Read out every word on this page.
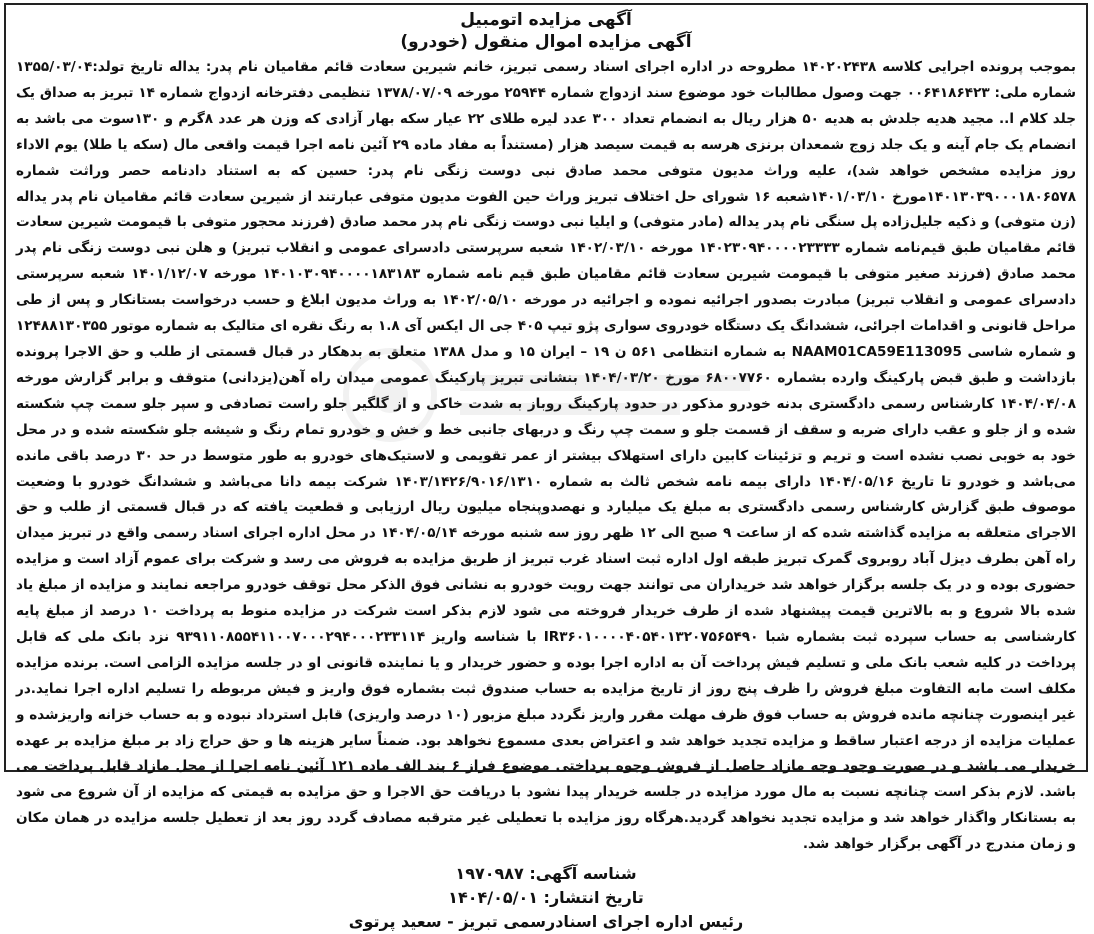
آگهی مزایده اتومبیل
آگهی مزایده اموال منقول (خودرو)
بموجب پرونده اجرایی کلاسه ۱۴۰۲۰۲۴۳۸ مطروحه در اداره اجرای اسناد رسمی تبریز، خانم شیرین سعادت قائم مقامیان نام پدر: یداله تاریخ تولد:۱۳۵۵/۰۳/۰۴ شماره ملی: ۰۰۶۴۱۸۶۴۲۳ جهت وصول مطالبات خود موضوع سند ازدواج شماره ۲۵۹۴۴ مورخه ۱۳۷۸/۰۷/۰۹ تنظیمی دفترخانه ازدواج شماره ۱۴ تبریز به صداق یک جلد کلام ا.. مجید هدیه جلدش به هدیه ۵۰ هزار ریال به انضمام تعداد ۳۰۰ عدد لیره طلای ۲۲ عیار سکه بهار آزادی که وزن هر عدد ۸گرم و ۱۳۰سوت می باشد به انضمام یک جام آینه و یک جلد زوج شمعدان برنزی هرسه به قیمت سیصد هزار (مستنداً به مفاد ماده ۲۹ آئین نامه اجرا قیمت واقعی مال (سکه یا طلا) یوم الاداء روز مزایده مشخص خواهد شد)، علیه وراث مدیون متوفی محمد صادق نبی دوست زنگی نام پدر: حسین که به استناد دادنامه حصر وراثت شماره ۱۴۰۱۳۰۳۹۰۰۰۱۸۰۶۵۷۸مورخ ۱۴۰۱/۰۳/۱۰شعبه ۱۶ شورای حل اختلاف تبریز وراث حین الفوت مدیون متوفی عبارتند از شیرین سعادت قائم مقامیان نام پدر یداله (زن متوفی) و ذکیه جلیل‌زاده پل سنگی نام پدر یداله (مادر متوفی) و ایلیا نبی دوست زنگی نام پدر محمد صادق (فرزند محجور متوفی با قیمومت شیرین سعادت قائم مقامیان طبق قیم‌نامه شماره ۱۴۰۲۳۰۹۴۰۰۰۰۲۳۳۳۳ مورخه ۱۴۰۲/۰۳/۱۰ شعبه سرپرستی دادسرای عمومی و انقلاب تبریز) و هلن نبی دوست زنگی نام پدر محمد صادق (فرزند صغیر متوفی با قیمومت شیرین سعادت قائم مقامیان طبق قیم نامه شماره ۱۴۰۱۰۳۰۹۴۰۰۰۰۱۸۳۱۸۳ مورخه ۱۴۰۱/۱۲/۰۷ شعبه سرپرستی دادسرای عمومی و انقلاب تبریز) مبادرت بصدور اجرائیه نموده و اجرائیه در مورخه ۱۴۰۲/۰۵/۱۰ به وراث مدیون ابلاغ و حسب درخواست بستانکار و پس از طی مراحل قانونی و اقدامات اجرائی، ششدانگ یک دستگاه خودروی سواری پژو تیپ ۴۰۵ جی ال ایکس آی ۱.۸ به رنگ نقره ای متالیک به شماره موتور ۱۲۴۸۸۱۳۰۳۵۵ و شماره شاسی NAAM01CA59E113095 به شماره انتظامی ۵۶۱ ن ۱۹ – ایران ۱۵ و مدل ۱۳۸۸ متعلق به بدهکار در قبال قسمتی از طلب و حق الاجرا پرونده بازداشت و طبق قبض پارکینگ وارده بشماره ۶۸۰۰۷۷۶۰ مورخ ۱۴۰۴/۰۳/۲۰ بنشانی تبریز پارکینگ عمومی میدان راه آهن(یزدانی) متوقف و برابر گزارش مورخه ۱۴۰۴/۰۴/۰۸ کارشناس رسمی دادگستری بدنه خودرو مذکور در حدود پارکینگ روباز به شدت خاکی و از گلگیر جلو راست تصادفی و سپر جلو سمت چپ شکسته شده و از جلو و عقب دارای ضربه و سقف از قسمت جلو و سمت چپ رنگ و دربهای جانبی خط و خش و خودرو تمام رنگ و شیشه جلو شکسته شده و در محل خود به خوبی نصب نشده است و تریم و تزئینات کابین دارای استهلاک بیشتر از عمر تقویمی و لاستیک‌های خودرو به طور متوسط در حد ۳۰ درصد باقی مانده می‌باشد و خودرو تا تاریخ ۱۴۰۴/۰۵/۱۶ دارای بیمه نامه شخص ثالث به شماره ۱۴۰۳/۱۴۲۶/۹۰۱۶/۱۳۱۰ شرکت بیمه دانا می‌باشد و ششدانگ خودرو با وضعیت موصوف طبق گزارش کارشناس رسمی دادگستری به مبلغ یک میلیارد و نهصدوپنجاه میلیون ریال ارزیابی و قطعیت یافته که در قبال قسمتی از طلب و حق الاجرای متعلقه به مزایده گذاشته شده که از ساعت ۹ صبح الی ۱۲ ظهر روز سه شنبه مورخه ۱۴۰۴/۰۵/۱۴ در محل اداره اجرای اسناد رسمی واقع در تبریز میدان راه آهن بطرف دیزل آباد روبروی گمرک تبریز طبقه اول اداره ثبت اسناد غرب تبریز از طریق مزایده به فروش می رسد و شرکت برای عموم آزاد است و مزایده حضوری بوده و در یک جلسه برگزار خواهد شد خریداران می توانند جهت رویت خودرو به نشانی فوق الذکر محل توقف خودرو مراجعه نمایند و مزایده از مبلغ یاد شده بالا شروع و به بالاترین قیمت پیشنهاد شده از طرف خریدار فروخته می شود لازم بذکر است شرکت در مزایده منوط به پرداخت ۱۰ درصد از مبلغ پایه کارشناسی به حساب سپرده ثبت بشماره شبا IR۳۶۰۱۰۰۰۰۴۰۵۴۰۱۳۲۰۷۵۶۵۴۹۰ با شناسه واریز ۹۳۹۱۱۰۸۵۵۴۱۱۰۰۷۰۰۰۲۹۴۰۰۰۲۳۳۱۱۴ نزد بانک ملی که قابل پرداخت در کلیه شعب بانک ملی و تسلیم فیش پرداخت آن به اداره اجرا بوده و حضور خریدار و یا نماینده قانونی او در جلسه مزایده الزامی است. برنده مزایده مکلف است مابه التفاوت مبلغ فروش را ظرف پنج روز از تاریخ مزایده به حساب صندوق ثبت بشماره فوق واریز و فیش مربوطه را تسلیم اداره اجرا نماید.در غیر اینصورت چنانچه مانده فروش به حساب فوق ظرف مهلت مقرر واریز نگردد مبلغ مزبور (۱۰ درصد واریزی) قابل استرداد نبوده و به حساب خزانه واریزشده و عملیات مزایده از درجه اعتبار ساقط و مزایده تجدید خواهد شد و اعتراض بعدی مسموع نخواهد بود. ضمناً سایر هزینه ها و حق حراج زاد بر مبلغ مزایده بر عهده خریدار می باشد و در صورت وجود وجه مازاد حاصل از فروش وجوه پرداختی موضوع فراز ۶ بند الف ماده ۱۲۱ آئین نامه اجرا از محل مازاد قابل پرداخت می باشد. لازم بذکر است چنانچه نسبت به مال مورد مزایده در جلسه خریدار پیدا نشود با دریافت حق الاجرا و حق مزایده به قیمتی که مزایده از آن شروع می شود به بستانکار واگذار خواهد شد و مزایده تجدید نخواهد گردید.هرگاه روز مزایده با تعطیلی غیر مترقبه مصادف گردد روز بعد از تعطیل جلسه مزایده در همان مکان و زمان مندرج در آگهی برگزار خواهد شد.
شناسه آگهی: ۱۹۷۰۹۸۷
تاریخ انتشار: ۱۴۰۴/۰۵/۰۱
رئیس اداره اجرای اسنادرسمی تبریز - سعید پرتوی
